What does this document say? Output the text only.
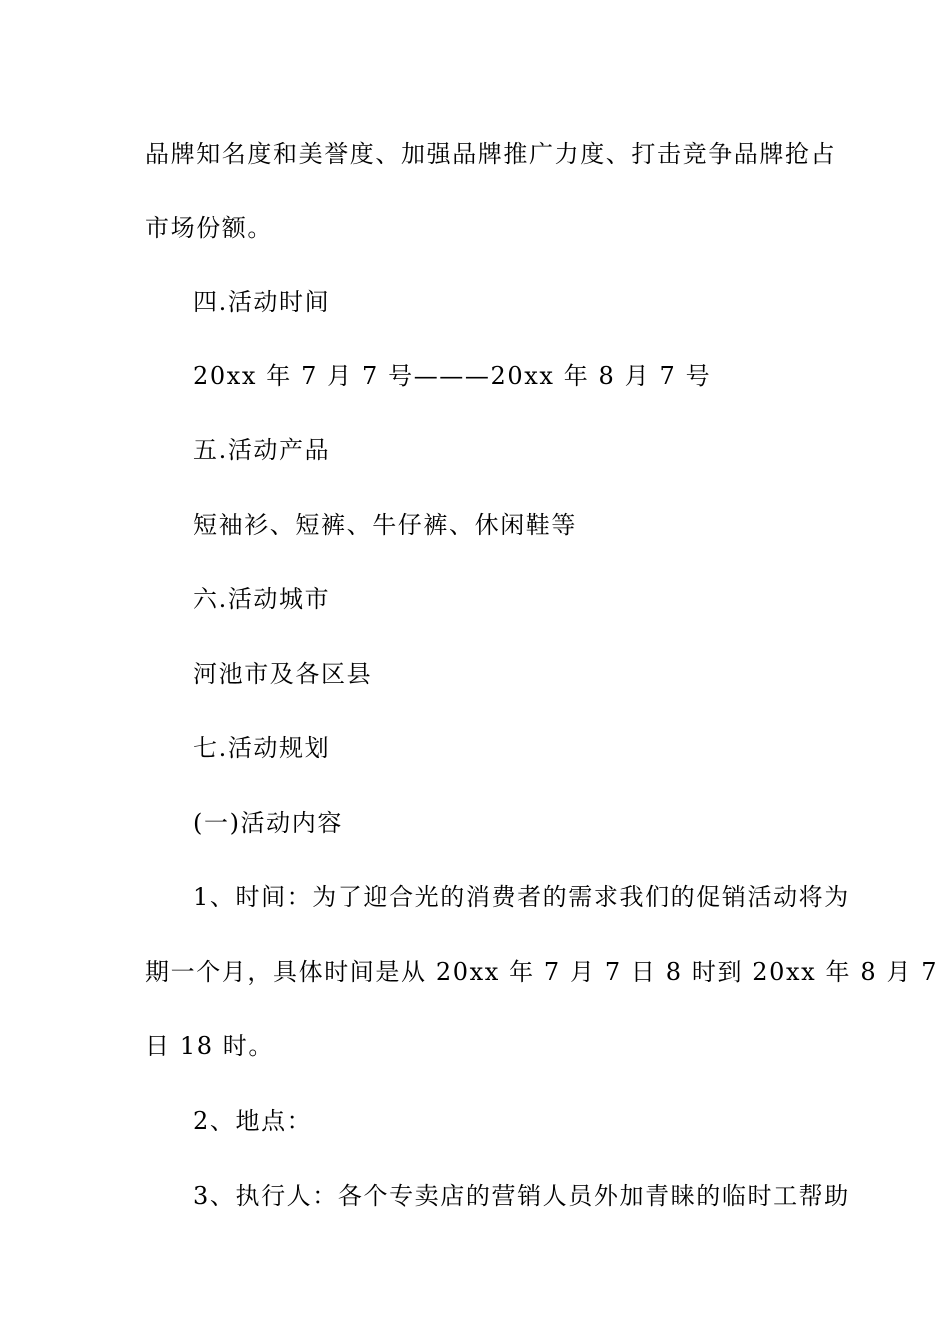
品牌知名度和美誉度、加强品牌推广力度、打击竞争品牌抢占
市场份额。
四.活动时间
20xx 年 7 月 7 号———20xx 年 8 月 7 号
五.活动产品
短袖衫、短裤、牛仔裤、休闲鞋等
六.活动城市
河池市及各区县
七.活动规划
(一)活动内容
1、时间：为了迎合光的消费者的需求我们的促销活动将为
期一个月，具体时间是从 20xx 年 7 月 7 日 8 时到 20xx 年 8 月 7
日 18 时。
2、地点：
3、执行人：各个专卖店的营销人员外加青睐的临时工帮助
